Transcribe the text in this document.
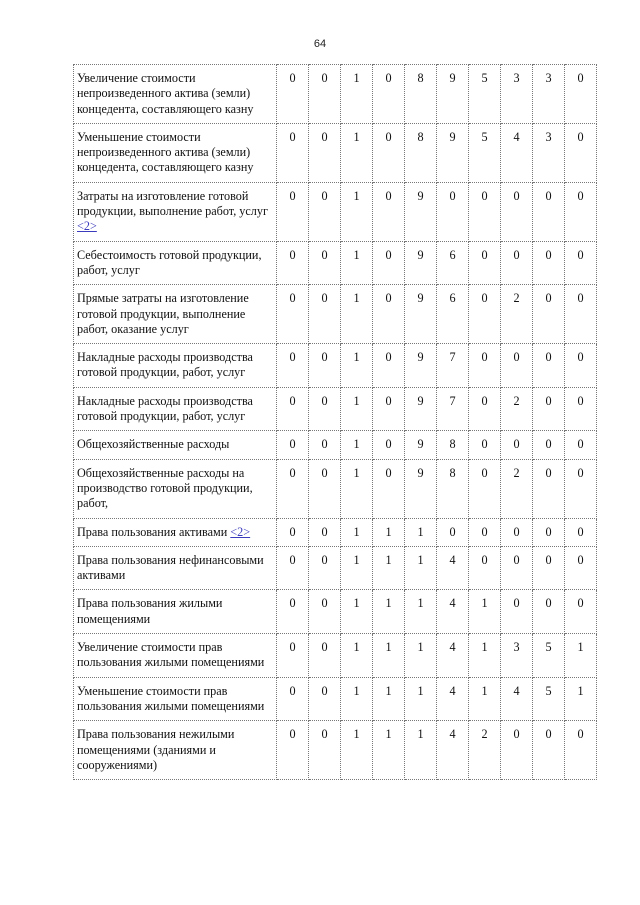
64
Увеличение стоимости непроизведенного актива (земли) концедента, составляющего казну	0	0	1	0	8	9	5	3	3	0
Уменьшение стоимости непроизведенного актива (земли) концедента, составляющего казну	0	0	1	0	8	9	5	4	3	0
Затраты на изготовление готовой продукции, выполнение работ, услуг <2>	0	0	1	0	9	0	0	0	0	0
Себестоимость готовой продукции, работ, услуг	0	0	1	0	9	6	0	0	0	0
Прямые затраты на изготовление готовой продукции, выполнение работ, оказание услуг	0	0	1	0	9	6	0	2	0	0
Накладные расходы производства готовой продукции, работ, услуг	0	0	1	0	9	7	0	0	0	0
Накладные расходы производства готовой продукции, работ, услуг	0	0	1	0	9	7	0	2	0	0
Общехозяйственные расходы	0	0	1	0	9	8	0	0	0	0
Общехозяйственные расходы на производство готовой продукции, работ,	0	0	1	0	9	8	0	2	0	0
Права пользования активами <2>	0	0	1	1	1	0	0	0	0	0
Права пользования нефинансовыми активами	0	0	1	1	1	4	0	0	0	0
Права пользования жилыми помещениями	0	0	1	1	1	4	1	0	0	0
Увеличение стоимости прав пользования жилыми помещениями	0	0	1	1	1	4	1	3	5	1
Уменьшение стоимости прав пользования жилыми помещениями	0	0	1	1	1	4	1	4	5	1
Права пользования нежилыми помещениями (зданиями и сооружениями)	0	0	1	1	1	4	2	0	0	0
